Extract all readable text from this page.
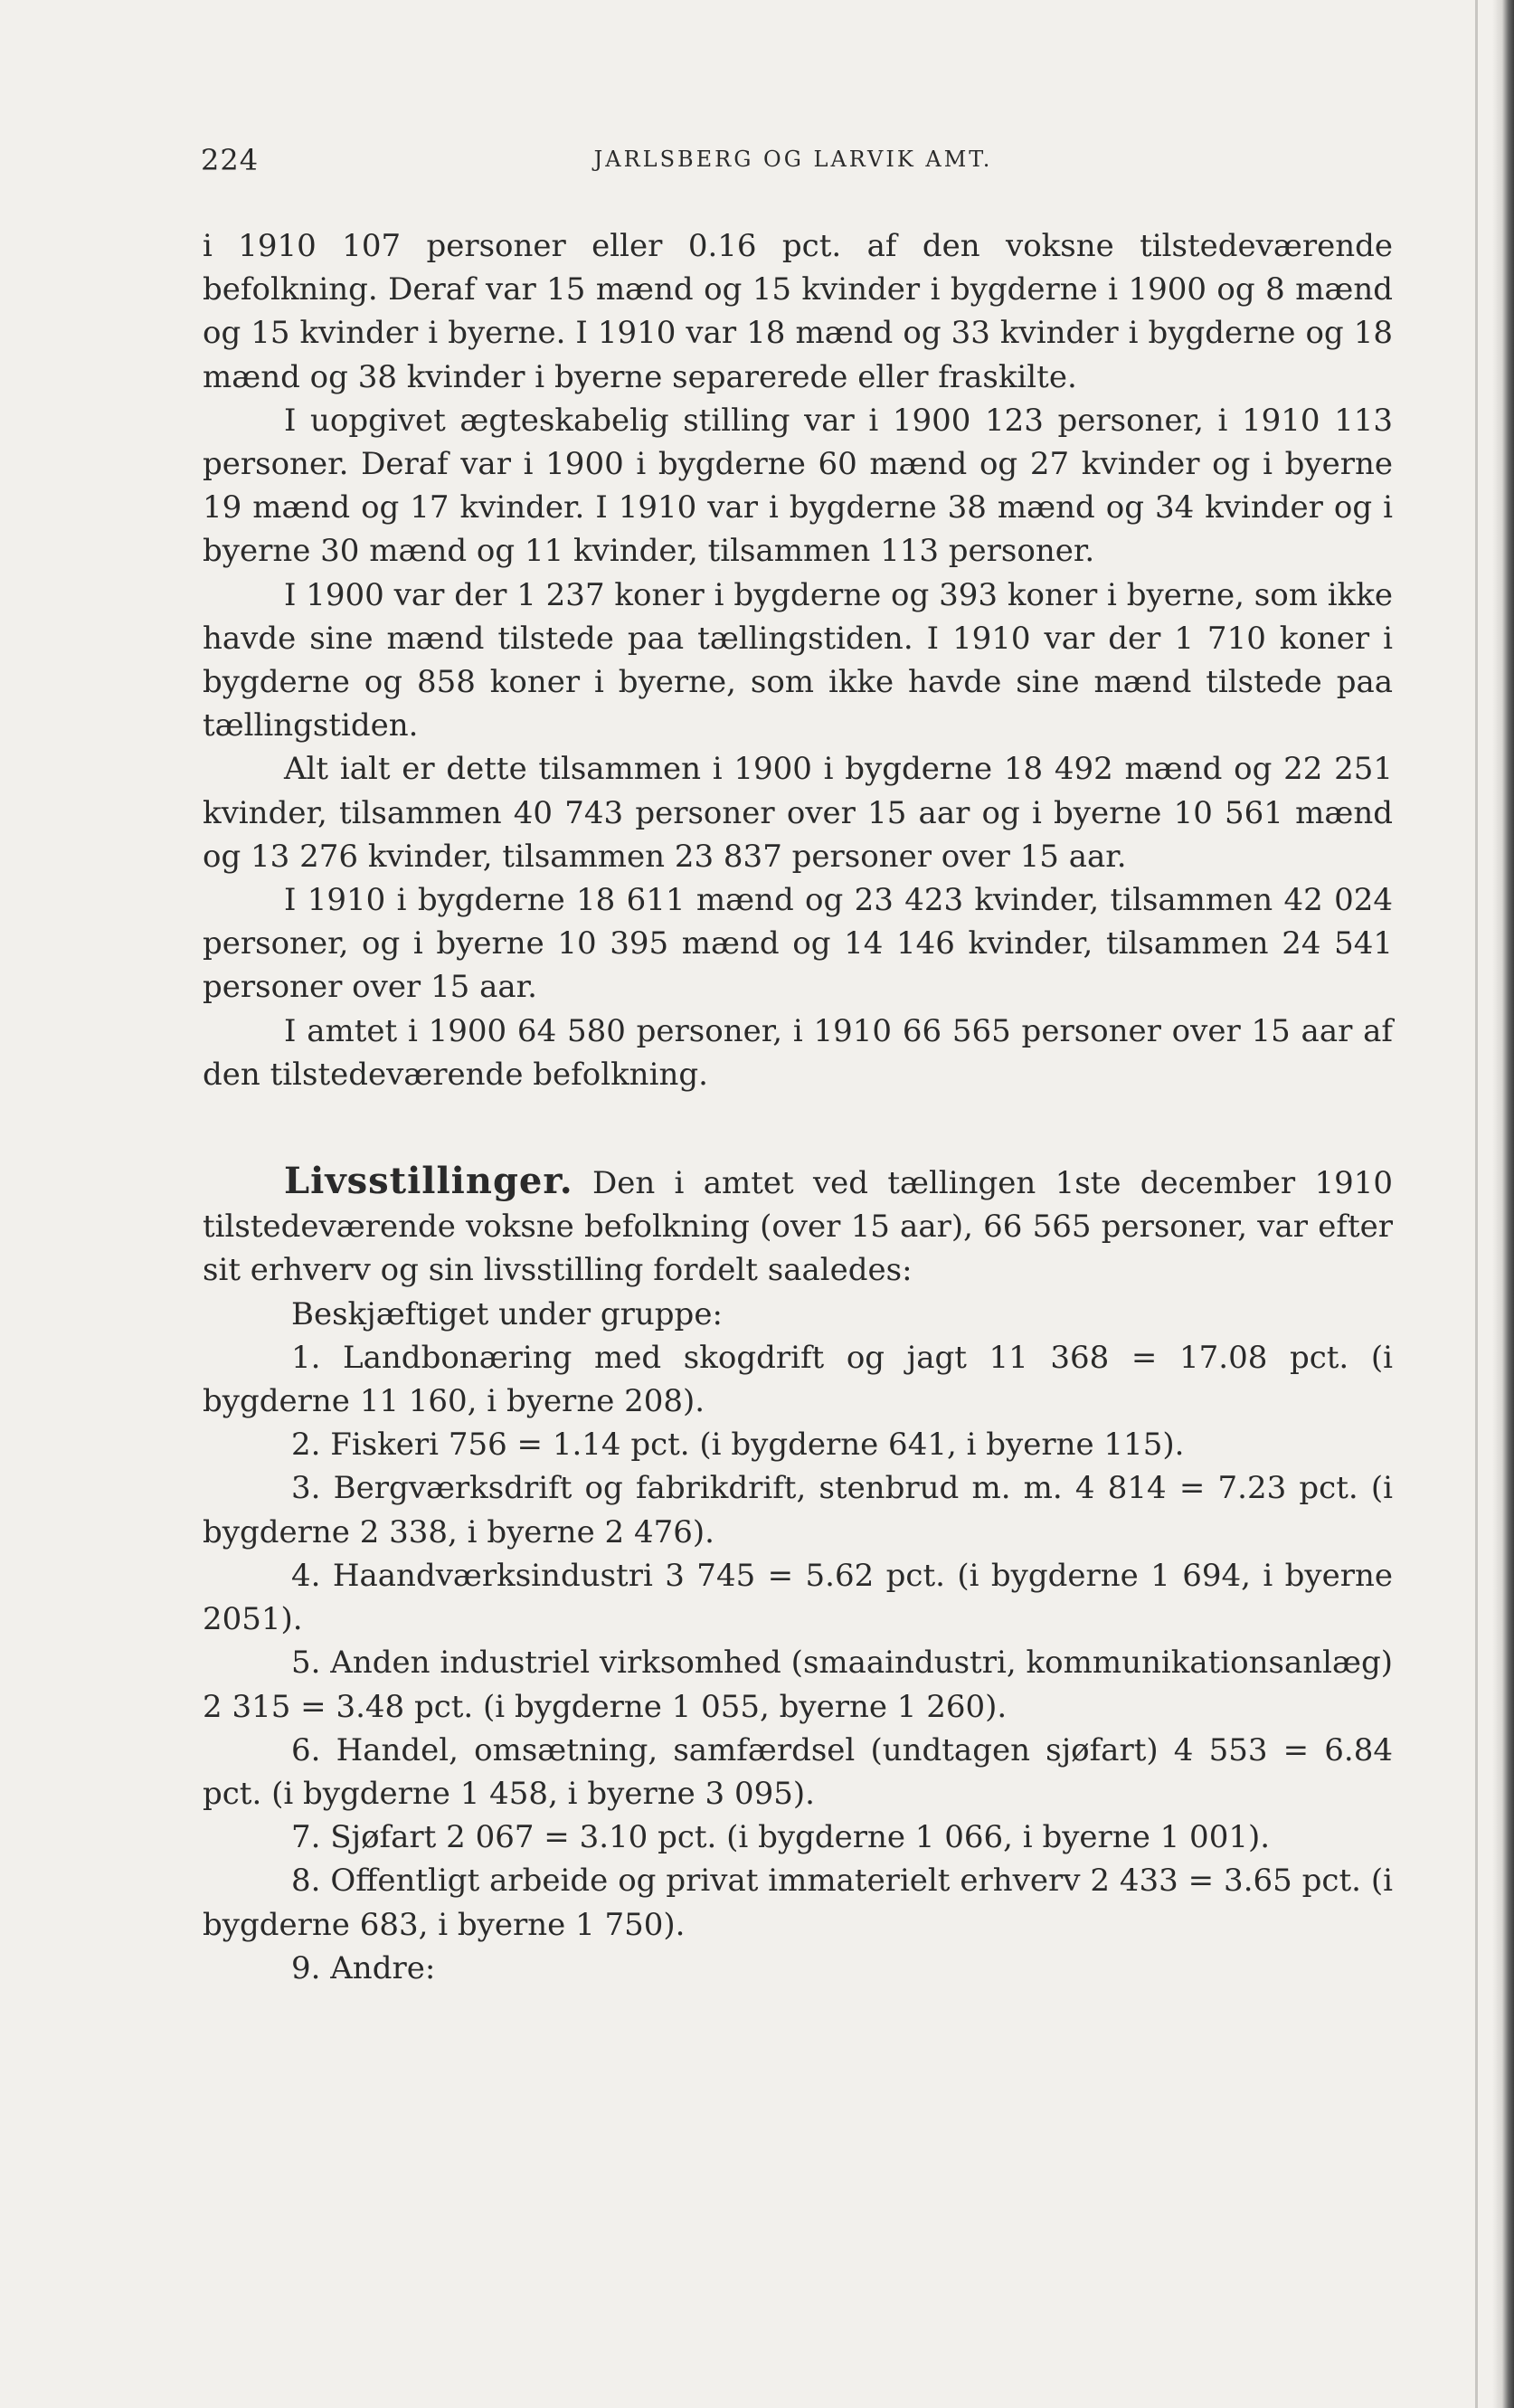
224	JARLSBERG OG LARVIK AMT.

i 1910 107 personer eller 0.16 pct. af den voksne tilstedeværende befolkning. Deraf var 15 mænd og 15 kvinder i bygderne i 1900 og 8 mænd og 15 kvinder i byerne. I 1910 var 18 mænd og 33 kvinder i bygderne og 18 mænd og 38 kvinder i byerne separerede eller fraskilte.

I uopgivet ægteskabelig stilling var i 1900 123 personer, i 1910 113 personer. Deraf var i 1900 i bygderne 60 mænd og 27 kvinder og i byerne 19 mænd og 17 kvinder. I 1910 var i bygderne 38 mænd og 34 kvinder og i byerne 30 mænd og 11 kvinder, tilsammen 113 personer.

I 1900 var der 1 237 koner i bygderne og 393 koner i byerne, som ikke havde sine mænd tilstede paa tællingstiden. I 1910 var der 1 710 koner i bygderne og 858 koner i byerne, som ikke havde sine mænd tilstede paa tællingstiden.

Alt ialt er dette tilsammen i 1900 i bygderne 18 492 mænd og 22 251 kvinder, tilsammen 40 743 personer over 15 aar og i byerne 10 561 mænd og 13 276 kvinder, tilsammen 23 837 personer over 15 aar.

I 1910 i bygderne 18 611 mænd og 23 423 kvinder, tilsammen 42 024 personer, og i byerne 10 395 mænd og 14 146 kvinder, tilsammen 24 541 personer over 15 aar.

I amtet i 1900 64 580 personer, i 1910 66 565 personer over 15 aar af den tilstedeværende befolkning.

Livsstillinger. Den i amtet ved tællingen 1ste december 1910 tilstedeværende voksne befolkning (over 15 aar), 66 565 personer, var efter sit erhverv og sin livsstilling fordelt saaledes:

Beskjæftiget under gruppe:

1. Landbonæring med skogdrift og jagt 11 368 = 17.08 pct. (i bygderne 11 160, i byerne 208).

2. Fiskeri 756 = 1.14 pct. (i bygderne 641, i byerne 115).

3. Bergværksdrift og fabrikdrift, stenbrud m. m. 4 814 = 7.23 pct. (i bygderne 2 338, i byerne 2 476).

4. Haandværksindustri 3 745 = 5.62 pct. (i bygderne 1 694, i byerne 2051).

5. Anden industriel virksomhed (smaaindustri, kommunikationsanlæg) 2 315 = 3.48 pct. (i bygderne 1 055, byerne 1 260).

6. Handel, omsætning, samfærdsel (undtagen sjøfart) 4 553 = 6.84 pct. (i bygderne 1 458, i byerne 3 095).

7. Sjøfart 2 067 = 3.10 pct. (i bygderne 1 066, i byerne 1 001).

8. Offentligt arbeide og privat immaterielt erhverv 2 433 = 3.65 pct. (i bygderne 683, i byerne 1 750).

9. Andre:
